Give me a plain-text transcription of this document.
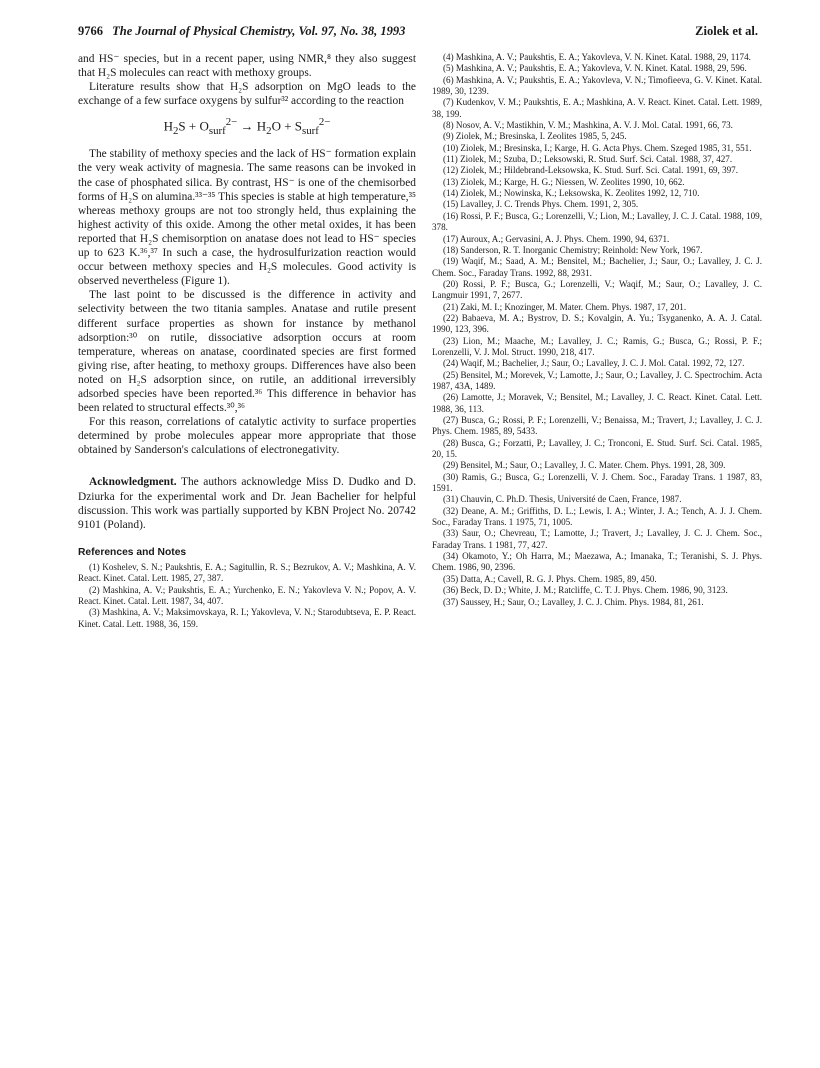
9766 The Journal of Physical Chemistry, Vol. 97, No. 38, 1993	Ziolek et al.

and HS⁻ species, but in a recent paper, using NMR,⁸ they also suggest that H₂S molecules can react with methoxy groups.

Literature results show that H₂S adsorption on MgO leads to the exchange of a few surface oxygens by sulfur³² according to the reaction

$H_2S + O_{surf}^{2-} \to H_2O + S_{surf}^{2-}$

The stability of methoxy species and the lack of HS⁻ formation explain the very weak activity of magnesia. The same reasons can be invoked in the case of phosphated silica. By contrast, HS⁻ is one of the chemisorbed forms of H₂S on alumina.³³⁻³⁵ This species is stable at high temperature,³⁵ whereas methoxy groups are not too strongly held, thus explaining the highest activity of this oxide. Among the other metal oxides, it has been reported that H₂S chemisorption on anatase does not lead to HS⁻ species up to 623 K.³⁶,³⁷ In such a case, the hydrosulfurization reaction would occur between methoxy species and H₂S molecules. Good activity is observed nevertheless (Figure 1).

The last point to be discussed is the difference in activity and selectivity between the two titania samples. Anatase and rutile present different surface properties as shown for instance by methanol adsorption:³⁰ on rutile, dissociative adsorption occurs at room temperature, whereas on anatase, coordinated species are first formed giving rise, after heating, to methoxy groups. Differences have also been noted on H₂S adsorption since, on rutile, an additional irreversibly adsorbed species have been reported.³⁶ This difference in behavior has been related to structural effects.³⁰,³⁶

For this reason, correlations of catalytic activity to surface properties determined by probe molecules appear more appropriate that those obtained by Sanderson's calculations of electronegativity.

Acknowledgment. The authors acknowledge Miss D. Dudko and D. Dziurka for the experimental work and Dr. Jean Bachelier for helpful discussion. This work was partially supported by KBN Project No. 20742 9101 (Poland).

References and Notes

(1) Koshelev, S. N.; Paukshtis, E. A.; Sagitullin, R. S.; Bezrukov, A. V.; Mashkina, A. V. React. Kinet. Catal. Lett. 1985, 27, 387.

(2) Mashkina, A. V.; Paukshtis, E. A.; Yurchenko, E. N.; Yakovleva V. N.; Popov, A. V. React. Kinet. Catal. Lett. 1987, 34, 407.

(3) Mashkina, A. V.; Maksimovskaya, R. I.; Yakovleva, V. N.; Starodubtseva, E. P. React. Kinet. Catal. Lett. 1988, 36, 159.

(4) Mashkina, A. V.; Paukshtis, E. A.; Yakovleva, V. N. Kinet. Katal. 1988, 29, 1174.

(5) Mashkina, A. V.; Paukshtis, E. A.; Yakovleva, V. N. Kinet. Katal. 1988, 29, 596.

(6) Mashkina, A. V.; Paukshtis, E. A.; Yakovleva, V. N.; Timofieeva, G. V. Kinet. Katal. 1989, 30, 1239.

(7) Kudenkov, V. M.; Paukshtis, E. A.; Mashkina, A. V. React. Kinet. Catal. Lett. 1989, 38, 199.

(8) Nosov, A. V.; Mastikhin, V. M.; Mashkina, A. V. J. Mol. Catal. 1991, 66, 73.

(9) Ziolek, M.; Bresinska, I. Zeolites 1985, 5, 245.

(10) Ziolek, M.; Bresinska, I.; Karge, H. G. Acta Phys. Chem. Szeged 1985, 31, 551.

(11) Ziolek, M.; Szuba, D.; Leksowski, R. Stud. Surf. Sci. Catal. 1988, 37, 427.

(12) Ziolek, M.; Hildebrand-Leksowska, K. Stud. Surf. Sci. Catal. 1991, 69, 397.

(13) Ziolek, M.; Karge, H. G.; Niessen, W. Zeolites 1990, 10, 662.

(14) Ziolek, M.; Nowinska, K.; Leksowska, K. Zeolites 1992, 12, 710.

(15) Lavalley, J. C. Trends Phys. Chem. 1991, 2, 305.

(16) Rossi, P. F.; Busca, G.; Lorenzelli, V.; Lion, M.; Lavalley, J. C. J. Catal. 1988, 109, 378.

(17) Auroux, A.; Gervasini, A. J. Phys. Chem. 1990, 94, 6371.

(18) Sanderson, R. T. Inorganic Chemistry; Reinhold: New York, 1967.

(19) Waqif, M.; Saad, A. M.; Bensitel, M.; Bachelier, J.; Saur, O.; Lavalley, J. C. J. Chem. Soc., Faraday Trans. 1992, 88, 2931.

(20) Rossi, P. F.; Busca, G.; Lorenzelli, V.; Waqif, M.; Saur, O.; Lavalley, J. C. Langmuir 1991, 7, 2677.

(21) Zaki, M. I.; Knozinger, M. Mater. Chem. Phys. 1987, 17, 201.

(22) Babaeva, M. A.; Bystrov, D. S.; Kovalgin, A. Yu.; Tsyganenko, A. A. J. Catal. 1990, 123, 396.

(23) Lion, M.; Maache, M.; Lavalley, J. C.; Ramis, G.; Busca, G.; Rossi, P. F.; Lorenzelli, V. J. Mol. Struct. 1990, 218, 417.

(24) Waqif, M.; Bachelier, J.; Saur, O.; Lavalley, J. C. J. Mol. Catal. 1992, 72, 127.

(25) Bensitel, M.; Morevek, V.; Lamotte, J.; Saur, O.; Lavalley, J. C. Spectrochim. Acta 1987, 43A, 1489.

(26) Lamotte, J.; Moravek, V.; Bensitel, M.; Lavalley, J. C. React. Kinet. Catal. Lett. 1988, 36, 113.

(27) Busca, G.; Rossi, P. F.; Lorenzelli, V.; Benaissa, M.; Travert, J.; Lavalley, J. C. J. Phys. Chem. 1985, 89, 5433.

(28) Busca, G.; Forzatti, P.; Lavalley, J. C.; Tronconi, E. Stud. Surf. Sci. Catal. 1985, 20, 15.

(29) Bensitel, M.; Saur, O.; Lavalley, J. C. Mater. Chem. Phys. 1991, 28, 309.

(30) Ramis, G.; Busca, G.; Lorenzelli, V. J. Chem. Soc., Faraday Trans. 1 1987, 83, 1591.

(31) Chauvin, C. Ph.D. Thesis, Université de Caen, France, 1987.

(32) Deane, A. M.; Griffiths, D. L.; Lewis, I. A.; Winter, J. A.; Tench, A. J. J. Chem. Soc., Faraday Trans. 1 1975, 71, 1005.

(33) Saur, O.; Chevreau, T.; Lamotte, J.; Travert, J.; Lavalley, J. C. J. Chem. Soc., Faraday Trans. 1 1981, 77, 427.

(34) Okamoto, Y.; Oh Harra, M.; Maezawa, A.; Imanaka, T.; Teranishi, S. J. Phys. Chem. 1986, 90, 2396.

(35) Datta, A.; Cavell, R. G. J. Phys. Chem. 1985, 89, 450.

(36) Beck, D. D.; White, J. M.; Ratcliffe, C. T. J. Phys. Chem. 1986, 90, 3123.

(37) Saussey, H.; Saur, O.; Lavalley, J. C. J. Chim. Phys. 1984, 81, 261.
